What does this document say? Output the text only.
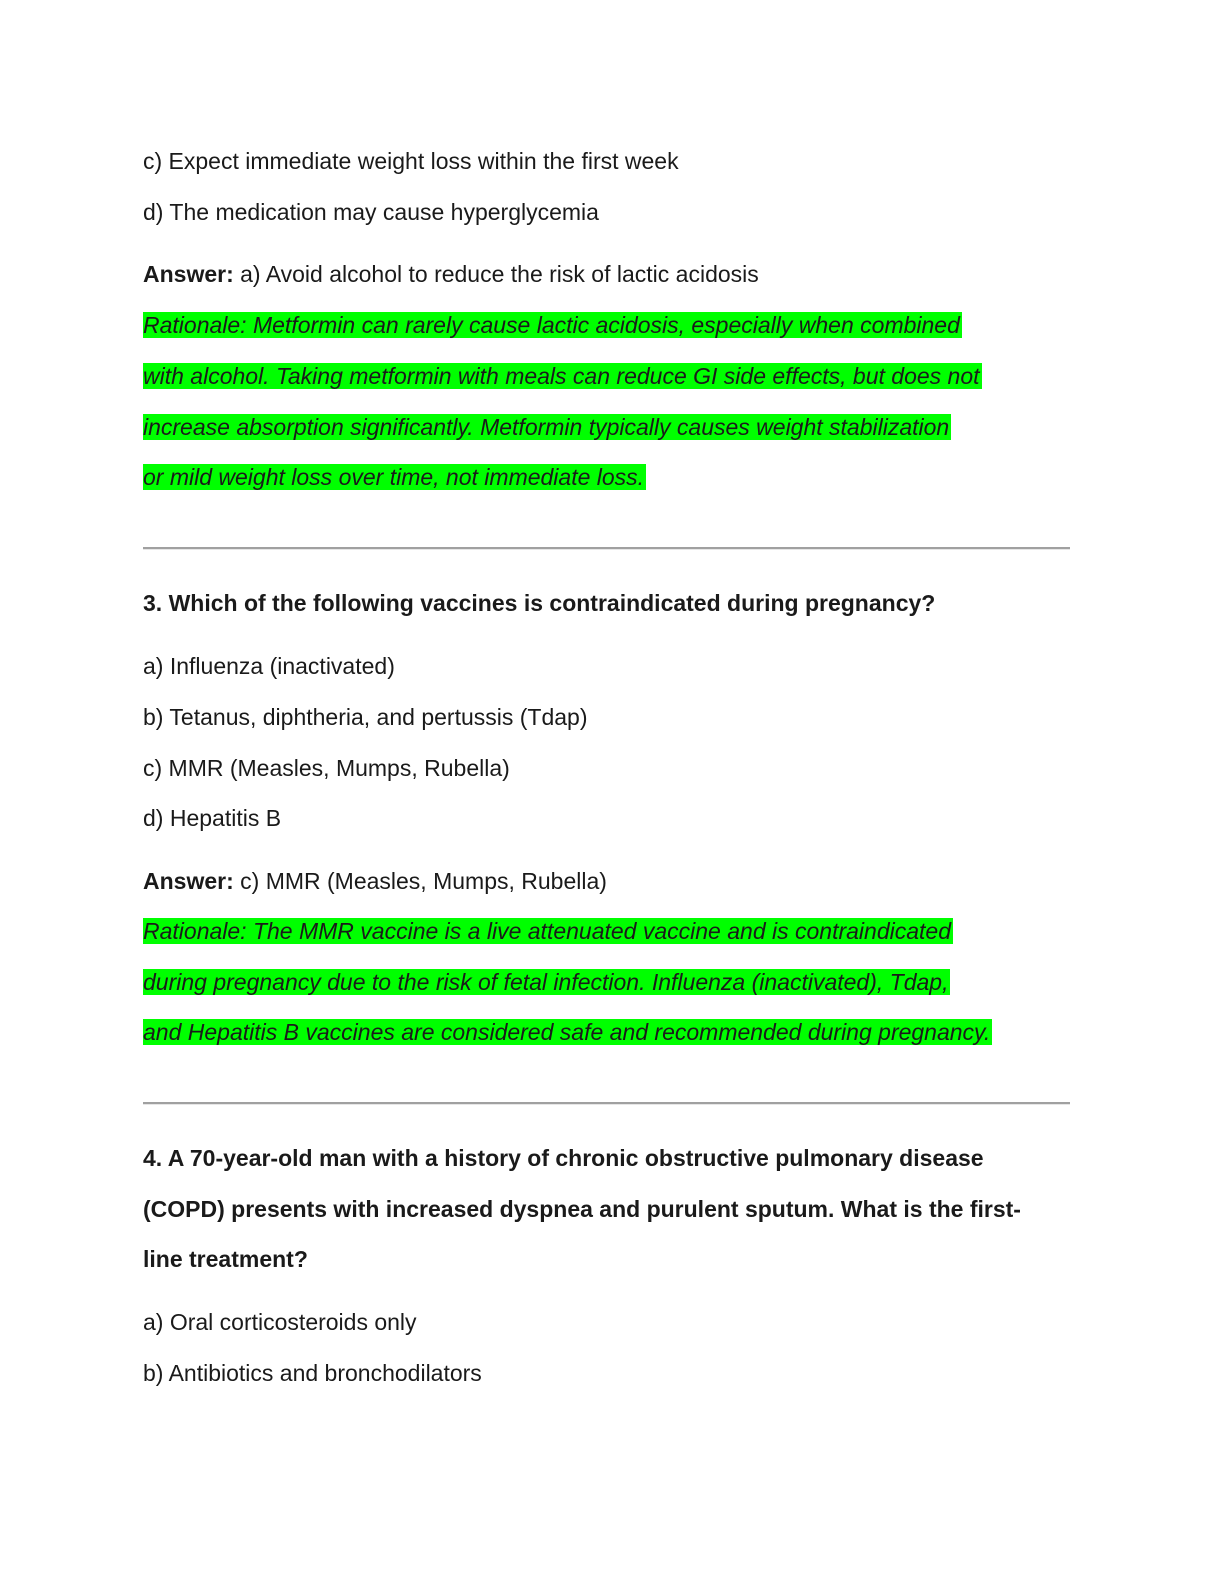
c) Expect immediate weight loss within the first week
d) The medication may cause hyperglycemia
Answer: a) Avoid alcohol to reduce the risk of lactic acidosis
Rationale: Metformin can rarely cause lactic acidosis, especially when combined
with alcohol. Taking metformin with meals can reduce GI side effects, but does not
increase absorption significantly. Metformin typically causes weight stabilization
or mild weight loss over time, not immediate loss.
3. Which of the following vaccines is contraindicated during pregnancy?
a) Influenza (inactivated)
b) Tetanus, diphtheria, and pertussis (Tdap)
c) MMR (Measles, Mumps, Rubella)
d) Hepatitis B
Answer: c) MMR (Measles, Mumps, Rubella)
Rationale: The MMR vaccine is a live attenuated vaccine and is contraindicated
during pregnancy due to the risk of fetal infection. Influenza (inactivated), Tdap,
and Hepatitis B vaccines are considered safe and recommended during pregnancy.
4. A 70-year-old man with a history of chronic obstructive pulmonary disease
(COPD) presents with increased dyspnea and purulent sputum. What is the first-
line treatment?
a) Oral corticosteroids only
b) Antibiotics and bronchodilators
